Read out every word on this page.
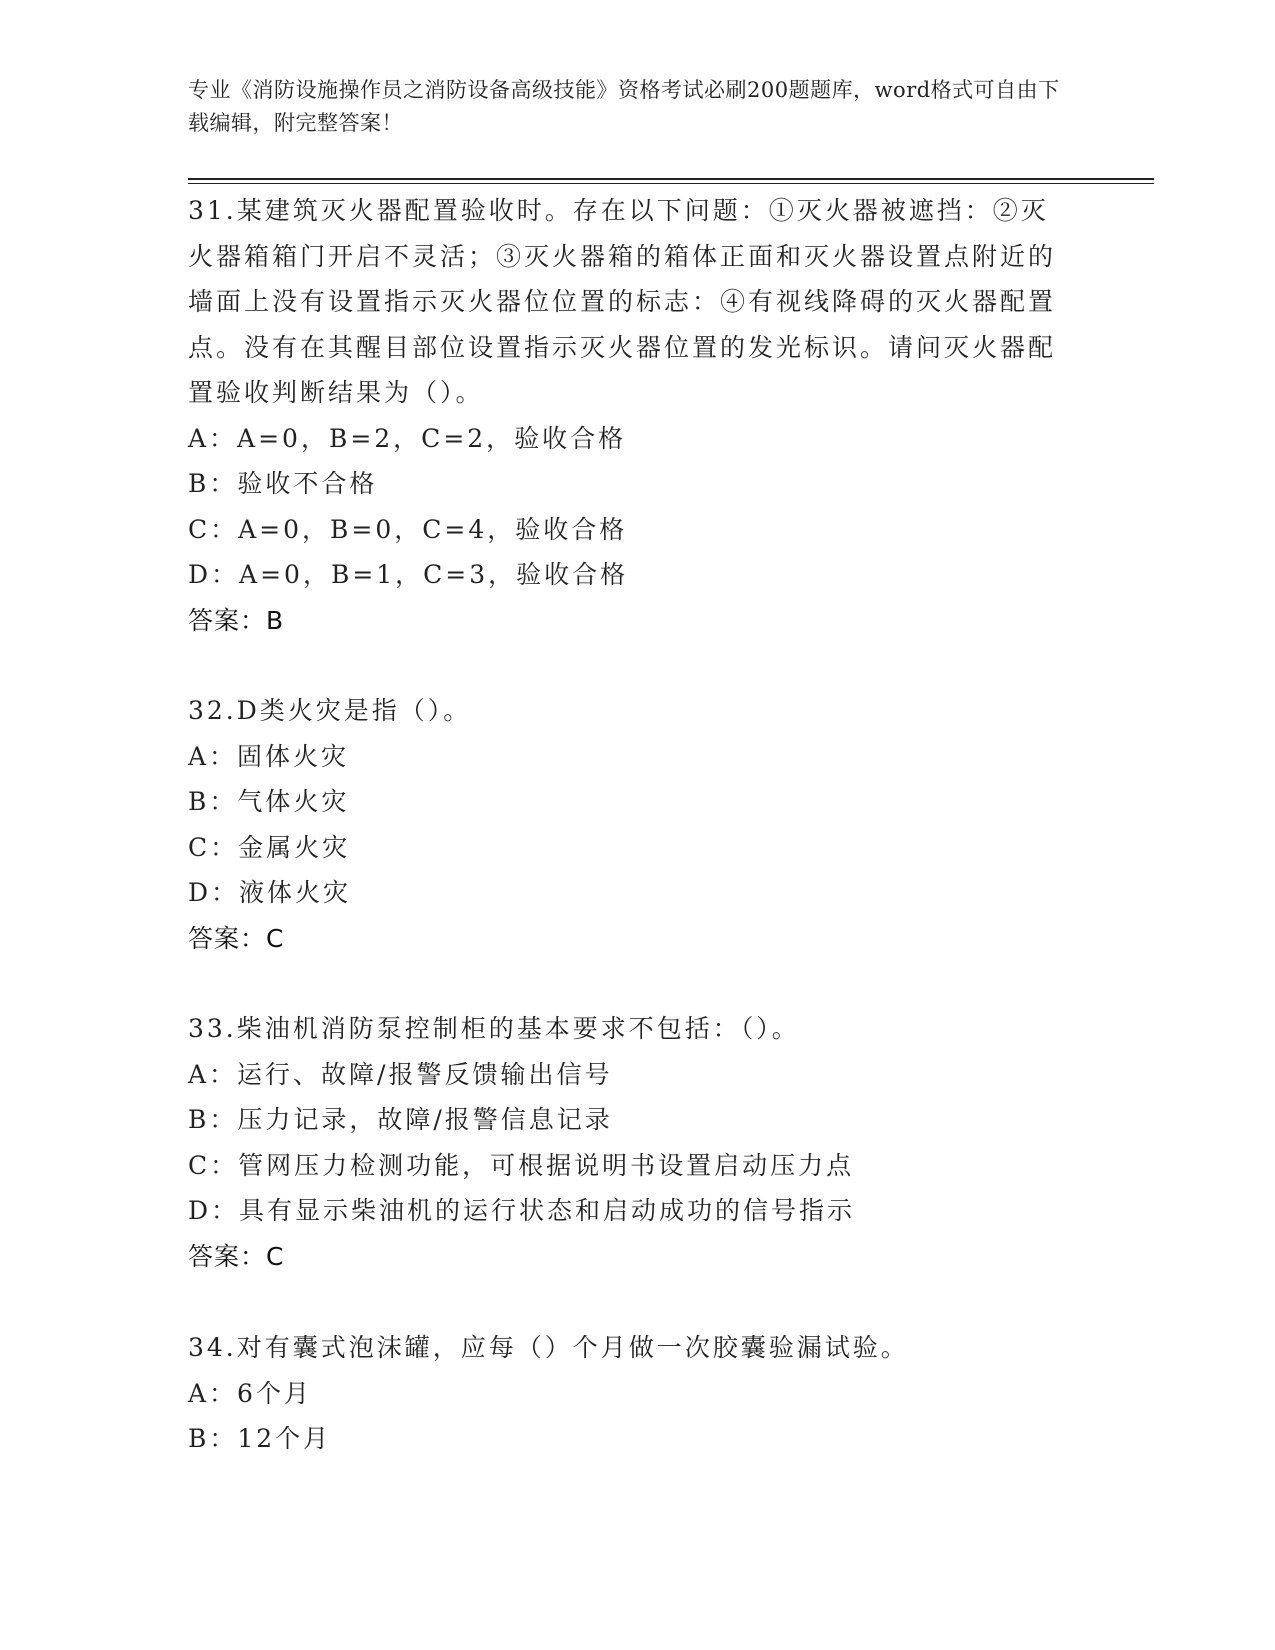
专业《消防设施操作员之消防设备高级技能》资格考试必刷200题题库，word格式可自由下载编辑，附完整答案！
31.某建筑灭火器配置验收时。存在以下问题：①灭火器被遮挡：②灭火器箱箱门开启不灵活；③灭火器箱的箱体正面和灭火器设置点附近的墙面上没有设置指示灭火器位位置的标志：④有视线降碍的灭火器配置点。没有在其醒目部位设置指示灭火器位置的发光标识。请问灭火器配置验收判断结果为（）。
A：A=0，B=2，C=2，验收合格
B：验收不合格
C：A=0，B=0，C=4，验收合格
D：A=0，B=1，C=3，验收合格
答案：B
32.D类火灾是指（）。
A：固体火灾
B：气体火灾
C：金属火灾
D：液体火灾
答案：C
33.柴油机消防泵控制柜的基本要求不包括：（）。
A：运行、故障/报警反馈输出信号
B：压力记录，故障/报警信息记录
C：管网压力检测功能，可根据说明书设置启动压力点
D：具有显示柴油机的运行状态和启动成功的信号指示
答案：C
34.对有囊式泡沫罐，应每（）个月做一次胶囊验漏试验。
A：6个月
B：12个月
